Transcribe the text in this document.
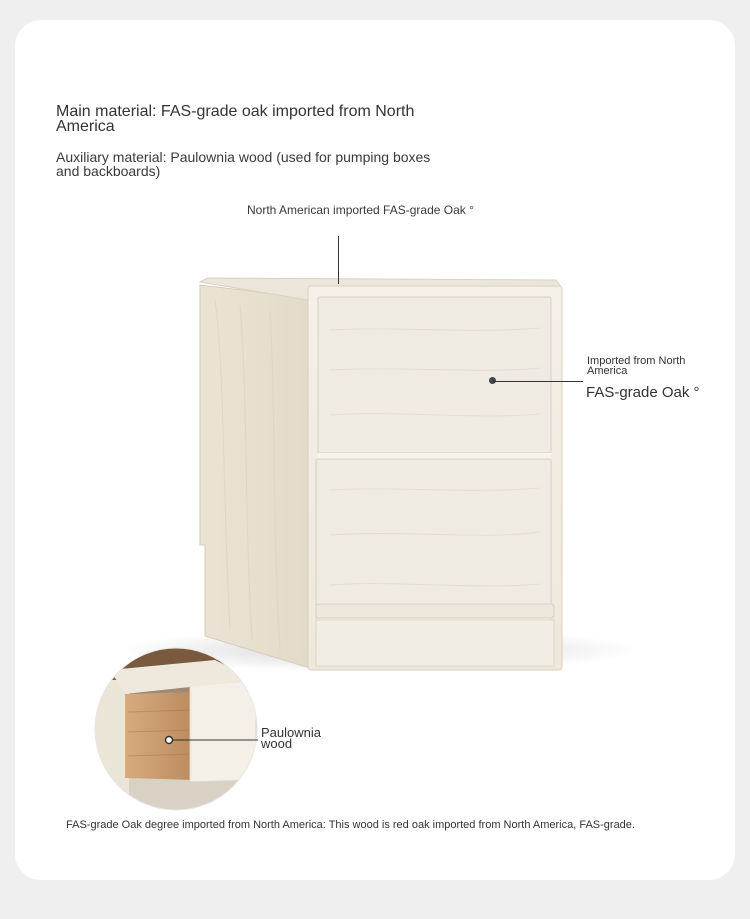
Main material: FAS-grade oak imported from North America
Auxiliary material: Paulownia wood (used for pumping boxes and backboards)
North American imported FAS-grade Oak °
Imported from North America
FAS-grade Oak °
Paulownia wood
FAS-grade Oak degree imported from North America: This wood is red oak imported from North America, FAS-grade.
